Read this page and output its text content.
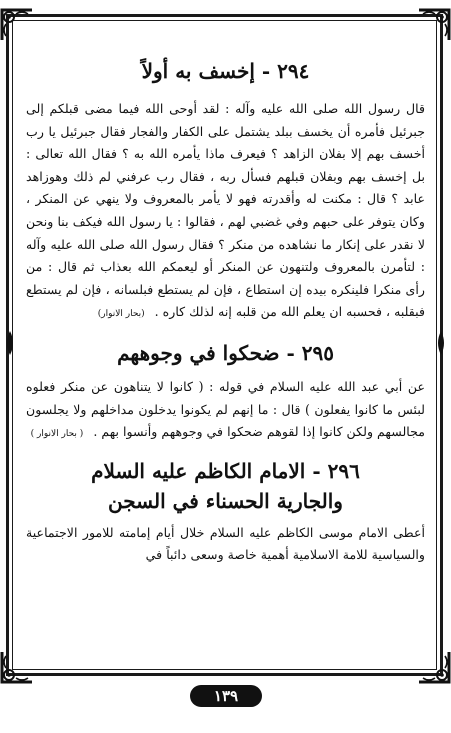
٢٩٤ - إخسف به أولاً

قال رسول الله صلى الله عليه وآله : لقد أوحى الله فيما مضى قبلكم إلى جبرئيل فأمره أن يخسف ببلد يشتمل على الكفار والفجار فقال جبرئيل يا رب أخسف بهم إلا بفلان الزاهد ؟ فيعرف ماذا يأمره الله به ؟ فقال الله تعالى : بل إخسف بهم وبفلان قبلهم فسأل ربه ، فقال رب عرفني لم ذلك وهوزاهد عابد ؟ قال : مكنت له وأقدرته فهو لا يأمر بالمعروف ولا ينهي عن المنكر ، وكان يتوفر على حبهم وفي غضبي لهم ، فقالوا : يا رسول الله فيكف بنا ونحن لا نقدر على إنكار ما نشاهده من منكر ؟ فقال رسول الله صلى الله عليه وآله : لتأمرن بالمعروف ولتنهون عن المنكر أو ليعمكم الله بعذاب ثم قال : من رأى منكرا فلينكره بيده إن استطاع ، فإن لم يستطع فبلسانه ، فإن لم يستطع فبقلبه ، فحسبه ان يعلم الله من قلبه إنه لذلك كاره . (بحار الانوار)

٢٩٥ - ضحكوا في وجوههم

عن أبي عبد الله عليه السلام في قوله : ( كانوا لا يتناهون عن منكر فعلوه لبئس ما كانوا يفعلون ) قال : ما إنهم لم يكونوا يدخلون مداخلهم ولا يجلسون مجالسهم ولكن كانوا إذا لقوهم ضحكوا في وجوههم وأنسوا بهم . ( بحار الانوار )

٢٩٦ - الامام الكاظم عليه السلام
والجارية الحسناء في السجن

أعطى الامام موسى الكاظم عليه السلام خلال أيام إمامته للامور الاجتماعية والسياسية للامة الاسلامية أهمية خاصة وسعى دائباً في

١٣٩
